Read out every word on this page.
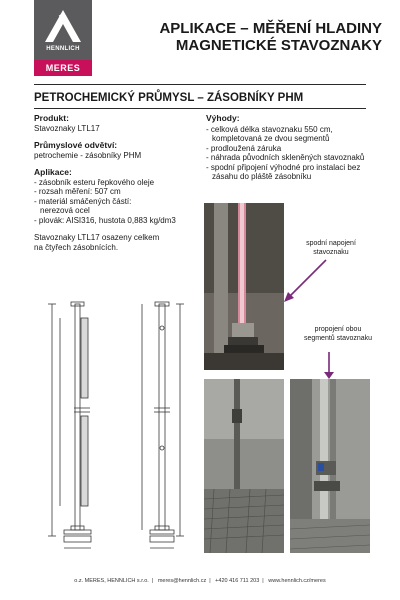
HENNLICH
MERES
APLIKACE – MĚŘENÍ HLADINY
MAGNETICKÉ STAVOZNAKY
PETROCHEMICKÝ PRŮMYSL – ZÁSOBNÍKY PHM
Produkt:
Stavoznaky LTL17
Průmyslové odvětví:
petrochemie - zásobníky PHM
Aplikace:
- zásobník esteru řepkového oleje
- rozsah měření: 507 cm
- materiál smáčených částí:
nerezová ocel
- plovák: AISI316, hustota 0,883 kg/dm3
Stavoznaky LTL17 osazeny celkem
na čtyřech zásobnících.
Výhody:
- celková délka stavoznaku 550 cm, kompletovaná ze dvou segmentů
- prodloužená záruka
- náhrada původních skleněných stavoznaků
- spodní připojení výhodné pro instalaci bez zásahu do pláště zásobníku
spodní napojení
stavoznaku
propojení obou
segmentů stavoznaku
o.z. MERES, HENNLICH s.r.o. | meres@hennlich.cz | +420 416 711 203 | www.hennlich.cz/meres
